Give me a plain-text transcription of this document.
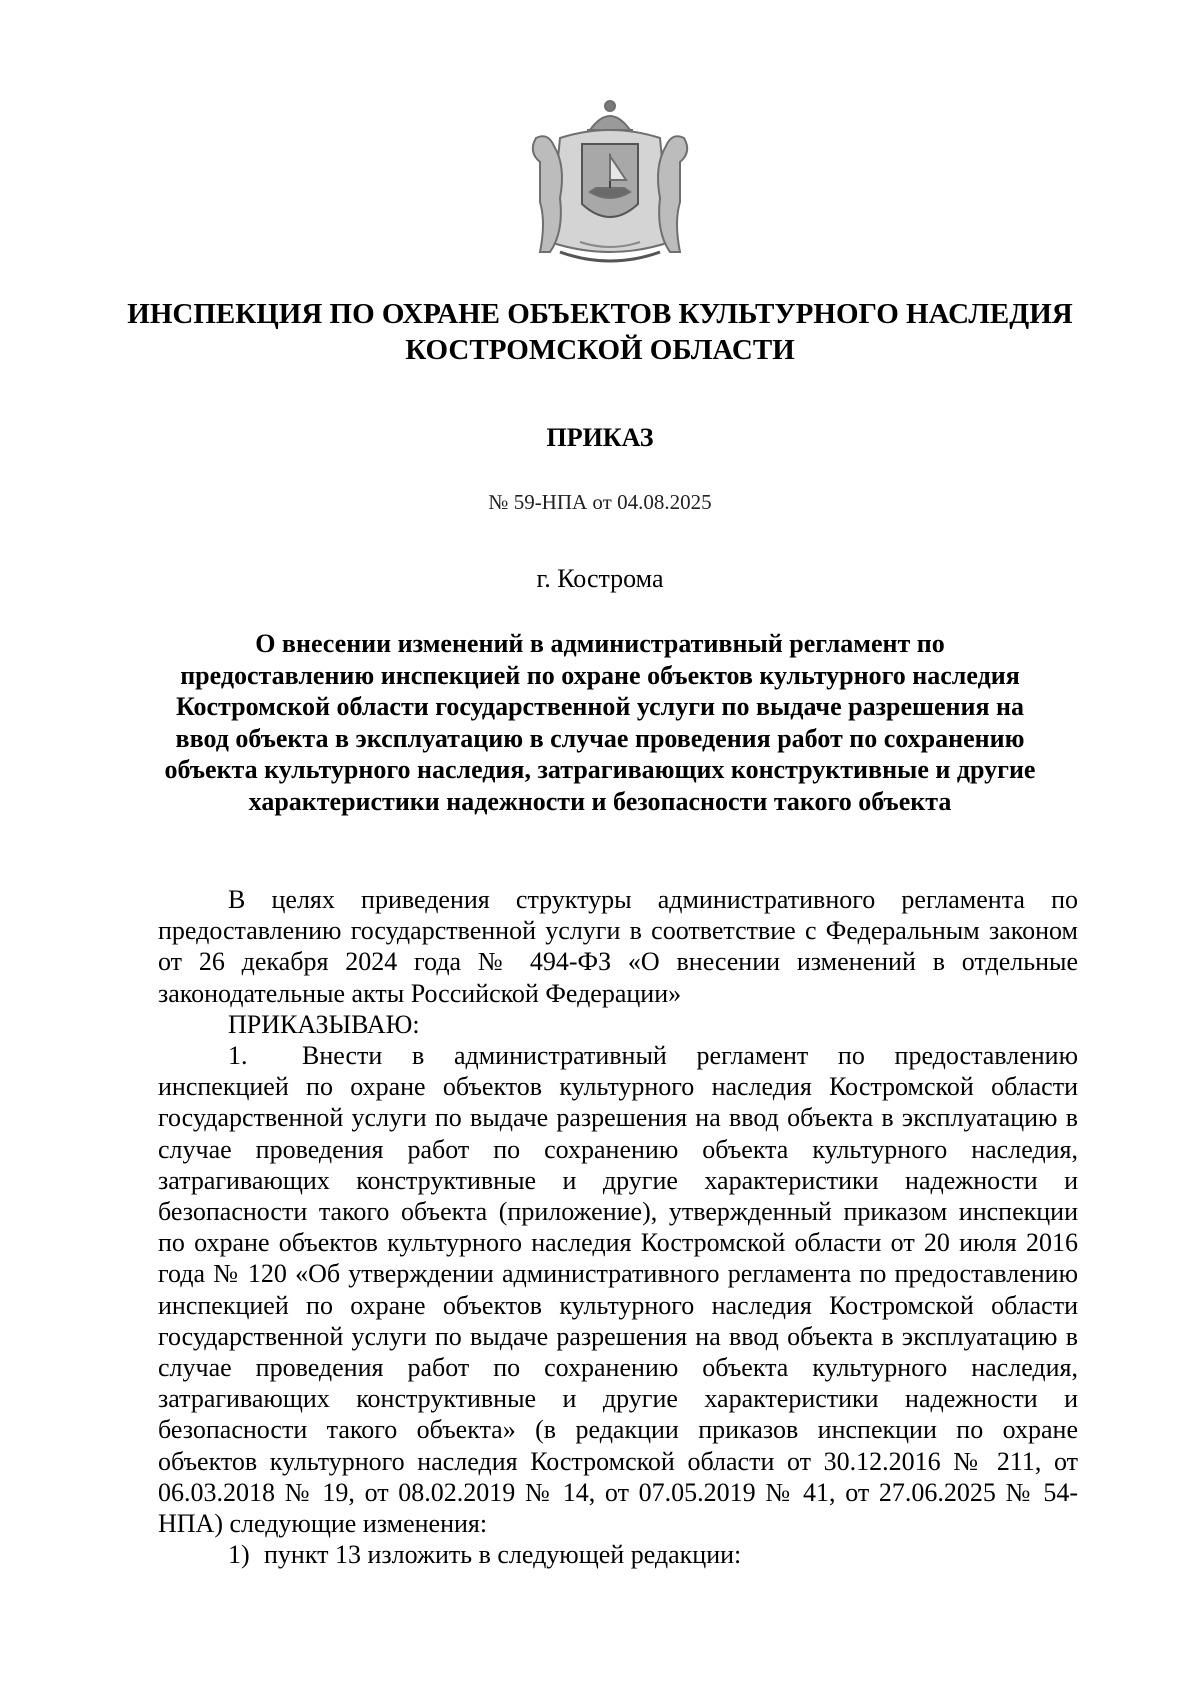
ИНСПЕКЦИЯ ПО ОХРАНЕ ОБЪЕКТОВ КУЛЬТУРНОГО НАСЛЕДИЯ КОСТРОМСКОЙ ОБЛАСТИ
ПРИКАЗ
№ 59-НПА от 04.08.2025
г. Кострома
О внесении изменений в административный регламент по предоставлению инспекцией по охране объектов культурного наследия Костромской области государственной услуги по выдаче разрешения на ввод объекта в эксплуатацию в случае проведения работ по сохранению объекта культурного наследия, затрагивающих конструктивные и другие характеристики надежности и безопасности такого объекта

В целях приведения структуры административного регламента по предоставлению государственной услуги в соответствие с Федеральным законом от 26 декабря 2024 года № 494-ФЗ «О внесении изменений в отдельные законодательные акты Российской Федерации»

ПРИКАЗЫВАЮ:

1. Внести в административный регламент по предоставлению инспекцией по охране объектов культурного наследия Костромской области государственной услуги по выдаче разрешения на ввод объекта в эксплуатацию в случае проведения работ по сохранению объекта культурного наследия, затрагивающих конструктивные и другие характеристики надежности и безопасности такого объекта (приложение), утвержденный приказом инспекции по охране объектов культурного наследия Костромской области от 20 июля 2016 года № 120 «Об утверждении административного регламента по предоставлению инспекцией по охране объектов культурного наследия Костромской области государственной услуги по выдаче разрешения на ввод объекта в эксплуатацию в случае проведения работ по сохранению объекта культурного наследия, затрагивающих конструктивные и другие характеристики надежности и безопасности такого объекта» (в редакции приказов инспекции по охране объектов культурного наследия Костромской области от 30.12.2016 № 211, от 06.03.2018 № 19, от 08.02.2019 № 14, от 07.05.2019 № 41, от 27.06.2025 № 54-НПА) следующие изменения:

1) пункт 13 изложить в следующей редакции:
